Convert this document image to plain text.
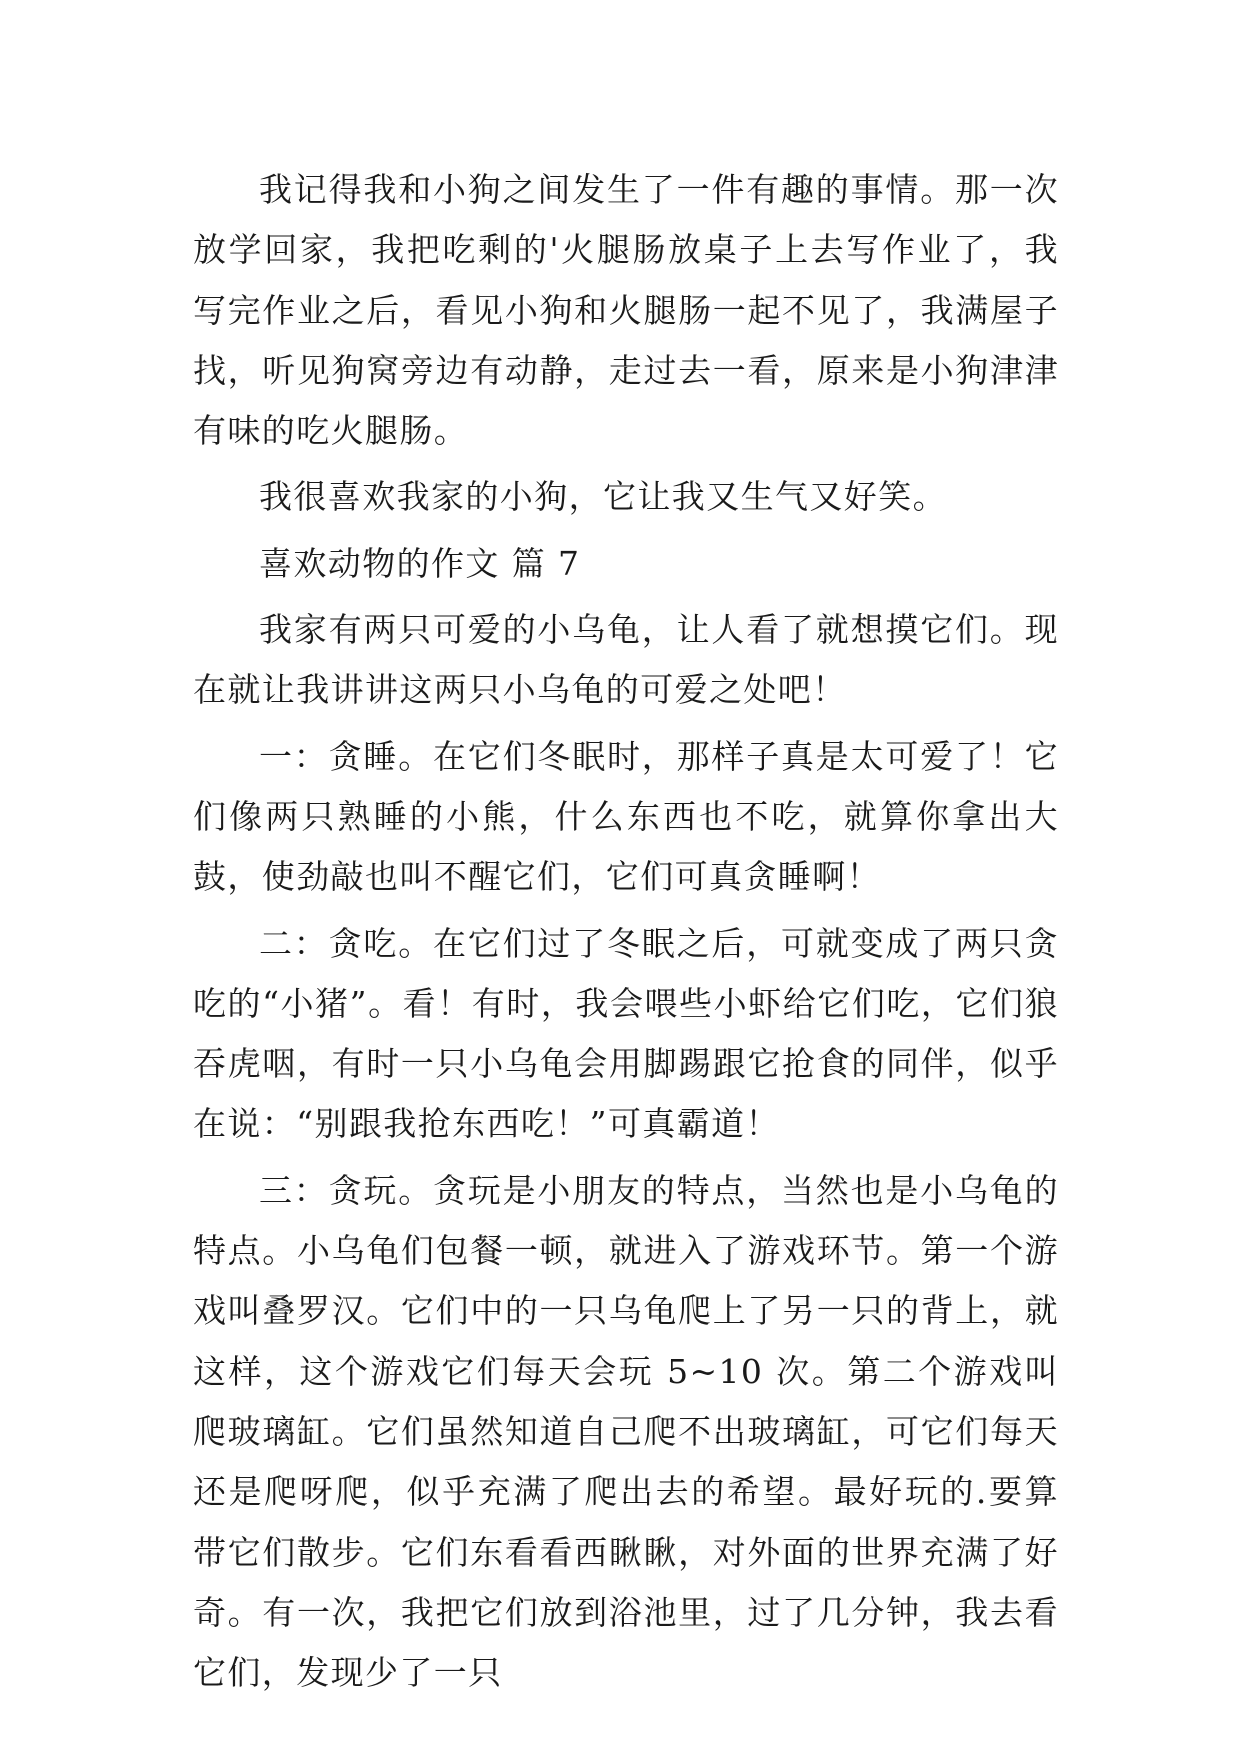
我记得我和小狗之间发生了一件有趣的事情。那一次放学回家，我把吃剩的'火腿肠放桌子上去写作业了，我写完作业之后，看见小狗和火腿肠一起不见了，我满屋子找，听见狗窝旁边有动静，走过去一看，原来是小狗津津有味的吃火腿肠。

我很喜欢我家的小狗，它让我又生气又好笑。

喜欢动物的作文 篇 7

我家有两只可爱的小乌龟，让人看了就想摸它们。现在就让我讲讲这两只小乌龟的可爱之处吧！

一：贪睡。在它们冬眠时，那样子真是太可爱了！它们像两只熟睡的小熊，什么东西也不吃，就算你拿出大鼓，使劲敲也叫不醒它们，它们可真贪睡啊！

二：贪吃。在它们过了冬眠之后，可就变成了两只贪吃的“小猪”。看！有时，我会喂些小虾给它们吃，它们狼吞虎咽，有时一只小乌龟会用脚踢跟它抢食的同伴，似乎在说：“别跟我抢东西吃！”可真霸道！

三：贪玩。贪玩是小朋友的特点，当然也是小乌龟的特点。小乌龟们包餐一顿，就进入了游戏环节。第一个游戏叫叠罗汉。它们中的一只乌龟爬上了另一只的背上，就这样，这个游戏它们每天会玩 5~10 次。第二个游戏叫爬玻璃缸。它们虽然知道自己爬不出玻璃缸，可它们每天还是爬呀爬，似乎充满了爬出去的希望。最好玩的.要算带它们散步。它们东看看西瞅瞅，对外面的世界充满了好奇。有一次，我把它们放到浴池里，过了几分钟，我去看它们，发现少了一只
